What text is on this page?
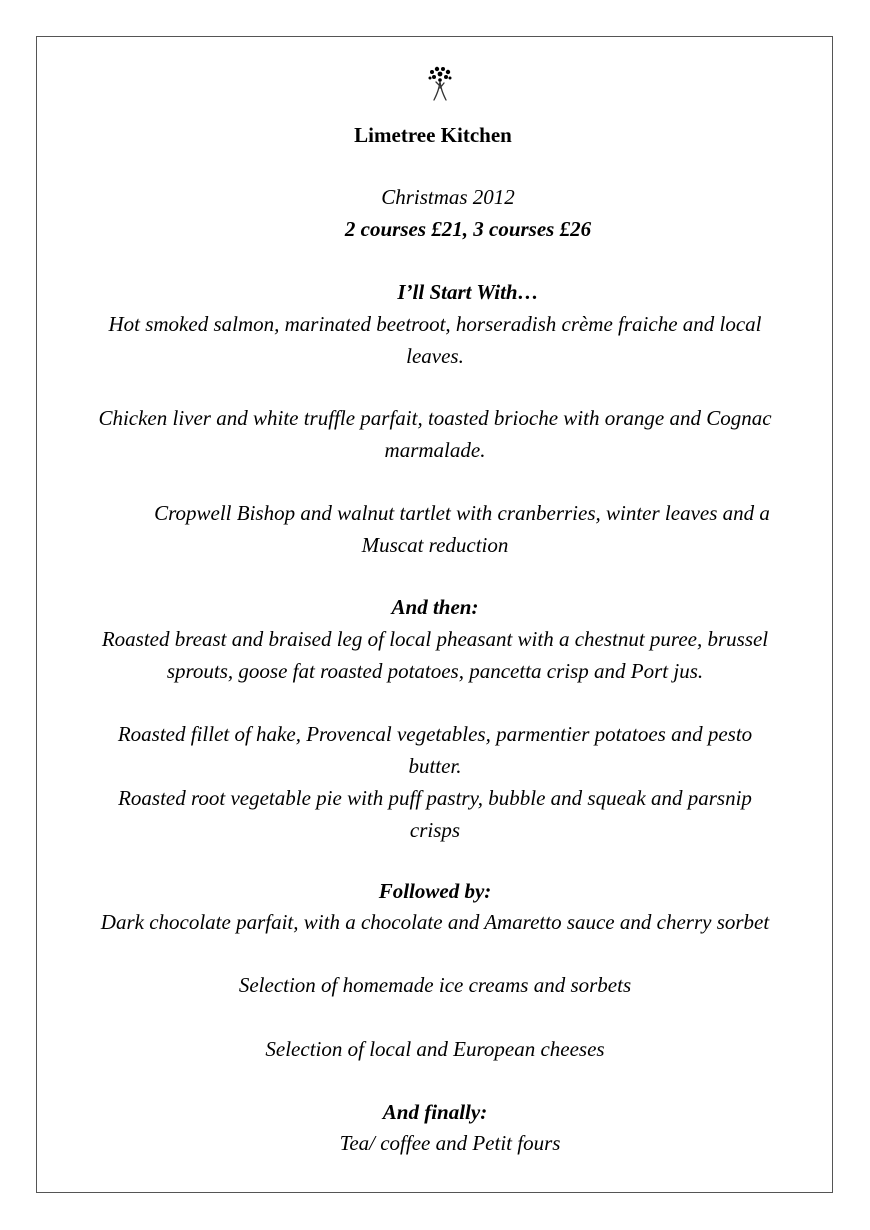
Limetree Kitchen
Christmas 2012
2 courses £21, 3 courses £26
I’ll Start With…
Hot smoked salmon, marinated beetroot, horseradish crème fraiche and local
leaves.
Chicken liver and white truffle parfait, toasted brioche with orange and Cognac
marmalade.
Cropwell Bishop and walnut tartlet with cranberries, winter leaves and a
Muscat reduction
And then:
Roasted breast and braised leg of local pheasant with a chestnut puree, brussel
sprouts, goose fat roasted potatoes, pancetta crisp and Port jus.
Roasted fillet of hake, Provencal vegetables, parmentier potatoes and pesto
butter.
Roasted root vegetable pie with puff pastry, bubble and squeak and parsnip
crisps
Followed by:
Dark chocolate parfait, with a chocolate and Amaretto sauce and cherry sorbet
Selection of homemade ice creams and sorbets
Selection of local and European cheeses
And finally:
Tea/ coffee and Petit fours
